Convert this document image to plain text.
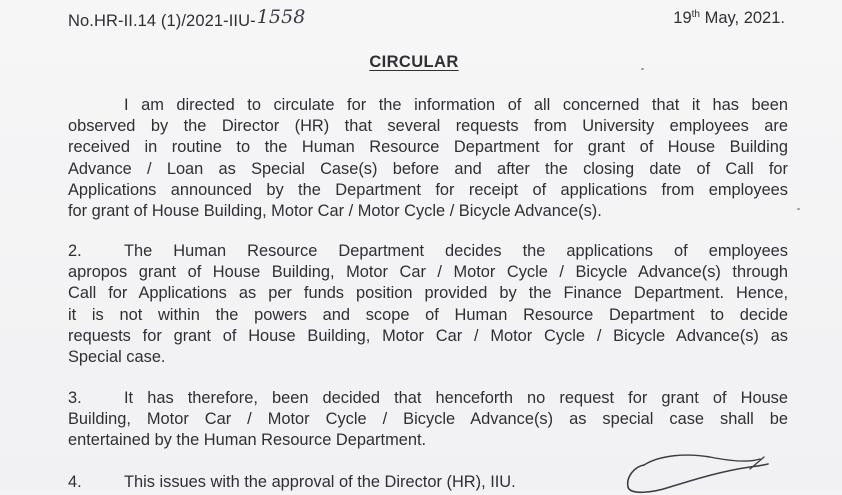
No.HR-II.14 (1)/2021-IIU-1558	19th May, 2021.
CIRCULAR
I am directed to circulate for the information of all concerned that it has been
observed by the Director (HR) that several requests from University employees are
received in routine to the Human Resource Department for grant of House Building
Advance / Loan as Special Case(s) before and after the closing date of Call for
Applications announced by the Department for receipt of applications from employees
for grant of House Building, Motor Car / Motor Cycle / Bicycle Advance(s).
2.	The Human Resource Department decides the applications of employees
apropos grant of House Building, Motor Car / Motor Cycle / Bicycle Advance(s) through
Call for Applications as per funds position provided by the Finance Department. Hence,
it is not within the powers and scope of Human Resource Department to decide
requests for grant of House Building, Motor Car / Motor Cycle / Bicycle Advance(s) as
Special case.
3.	It has therefore, been decided that henceforth no request for grant of House
Building, Motor Car / Motor Cycle / Bicycle Advance(s) as special case shall be
entertained by the Human Resource Department.
4.	This issues with the approval of the Director (HR), IIU.
